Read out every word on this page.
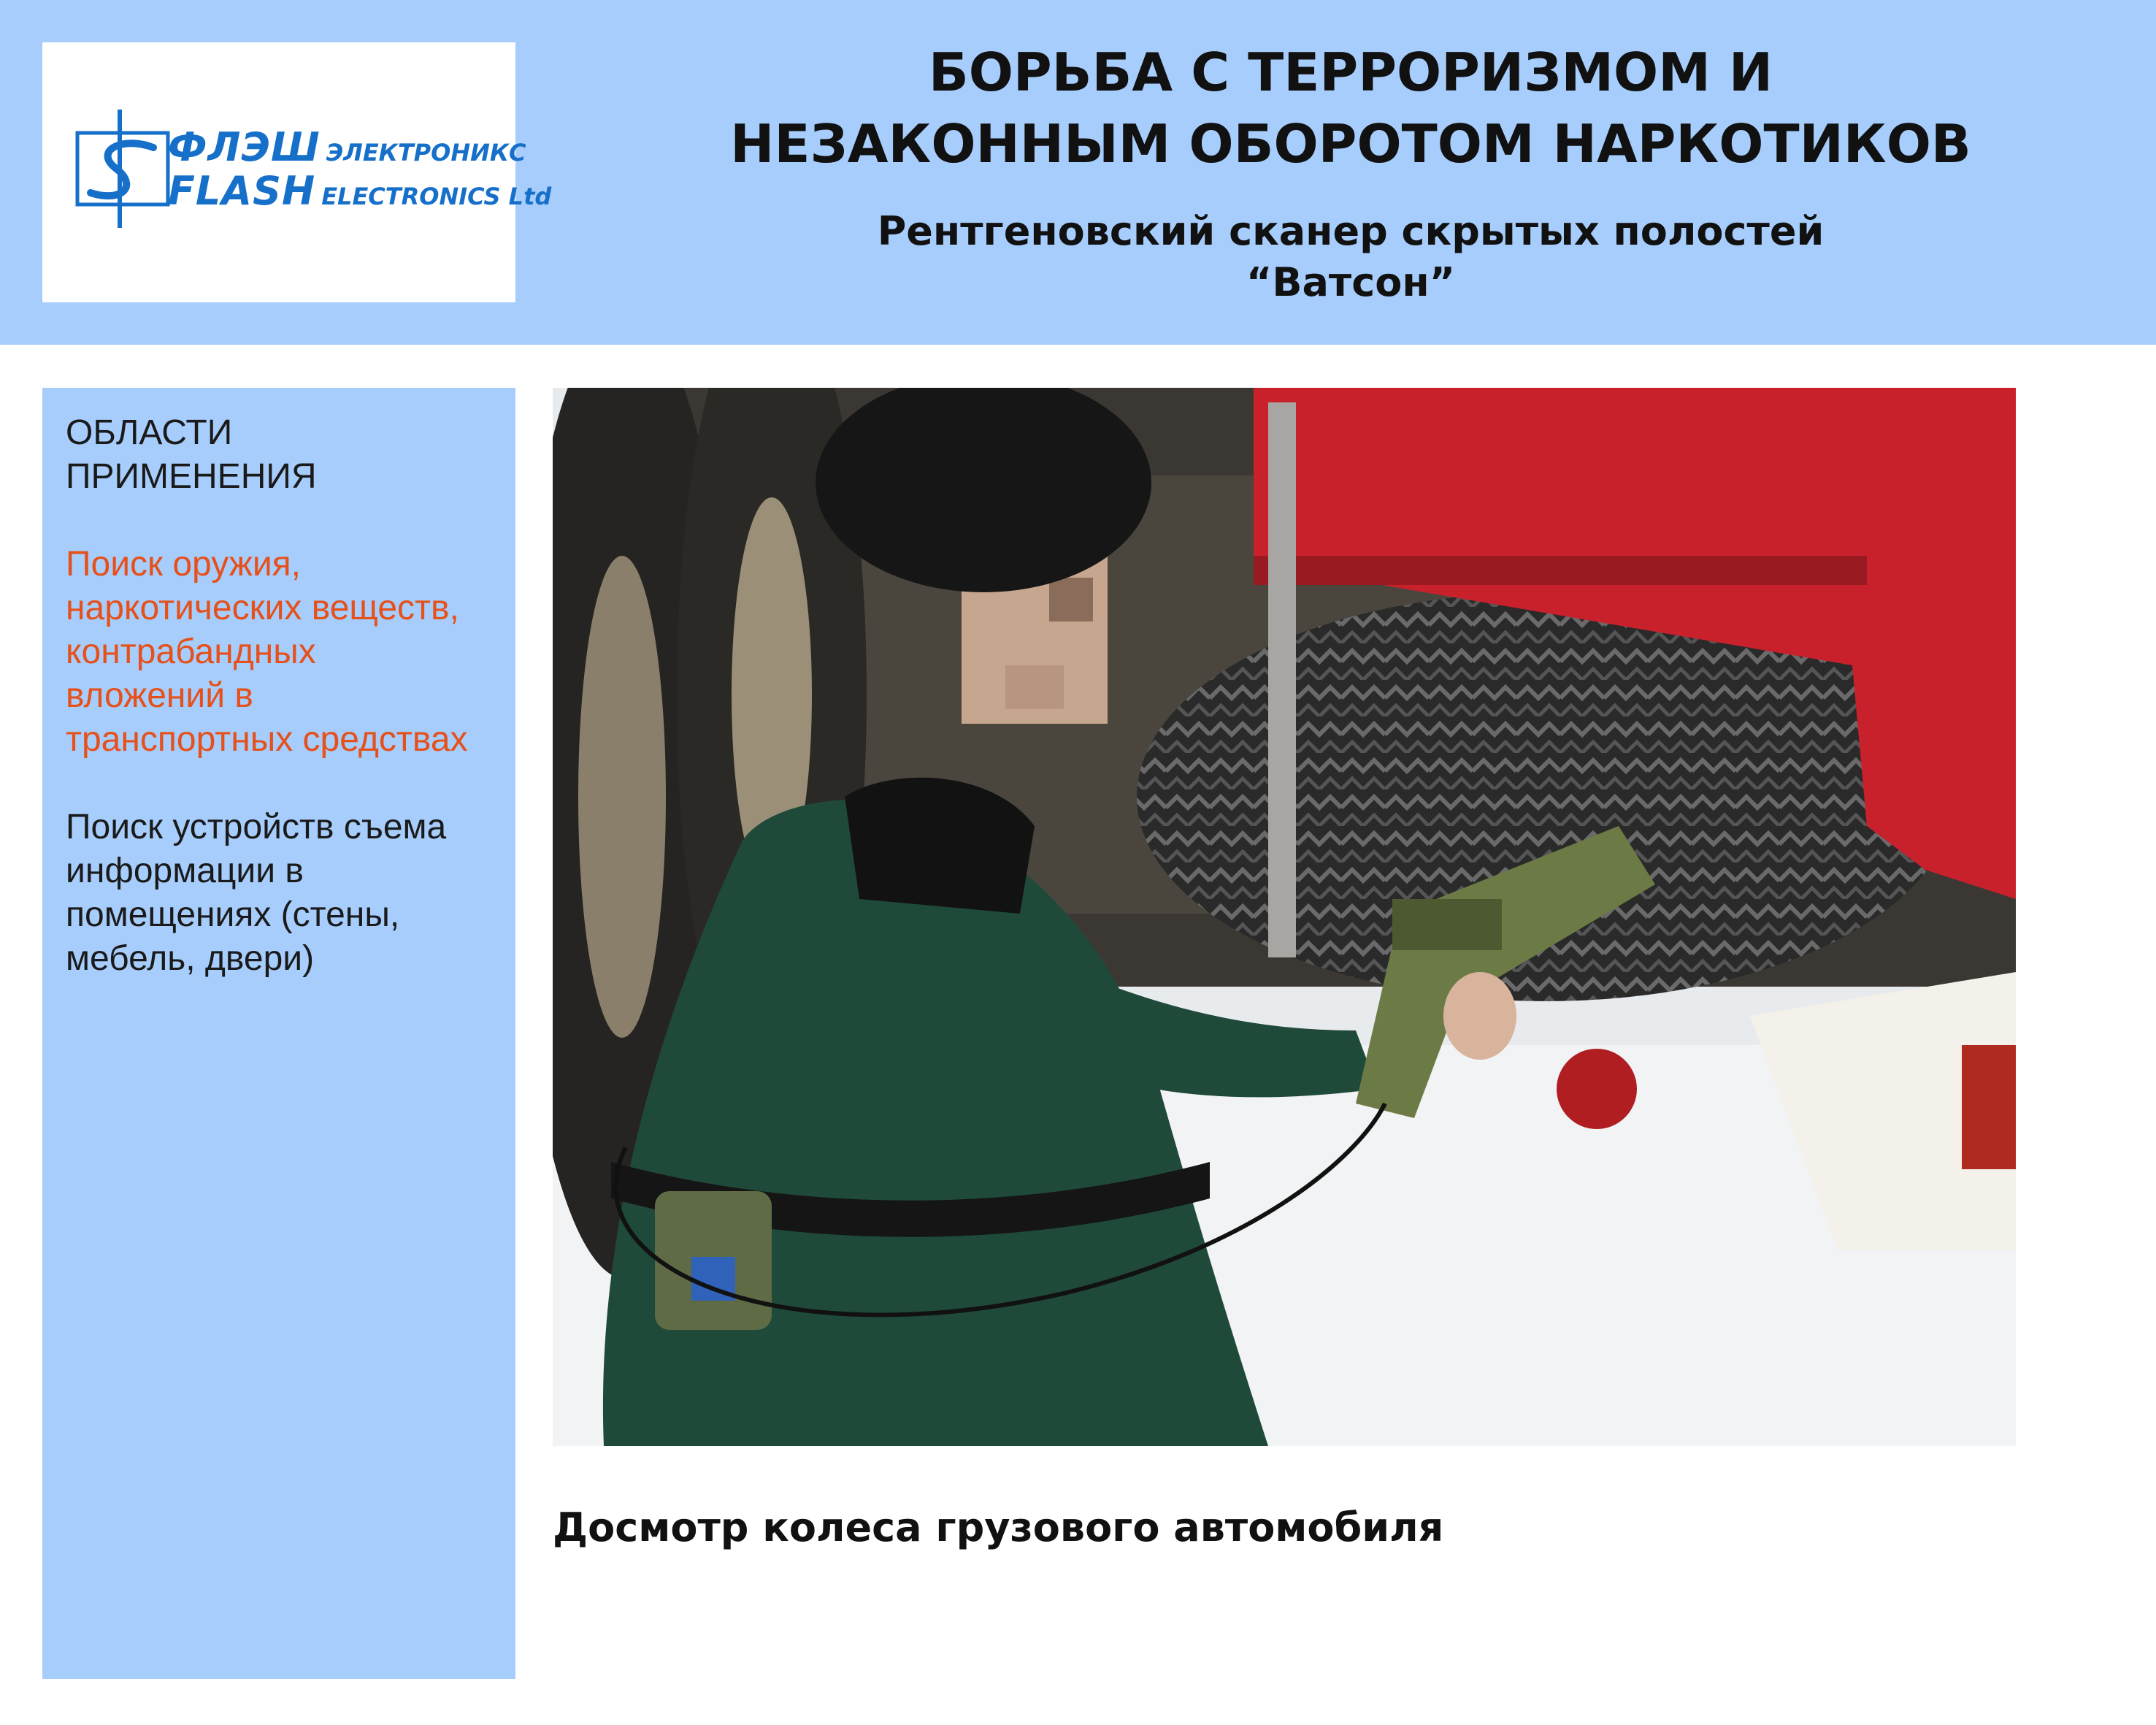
ФЛЭШ ЭЛЕКТРОНИКС
FLASH ELECTRONICS Ltd
БОРЬБА С ТЕРРОРИЗМОМ И
НЕЗАКОННЫМ ОБОРОТОМ НАРКОТИКОВ
Рентгеновский сканер скрытых полостей
“Ватсон”
ОБЛАСТИ
ПРИМЕНЕНИЯ
Поиск оружия,
наркотических веществ,
контрабандных
вложений в
транспортных средствах
Поиск устройств съема
информации в
помещениях (стены,
мебель, двери)

Досмотр колеса грузового автомобиля
